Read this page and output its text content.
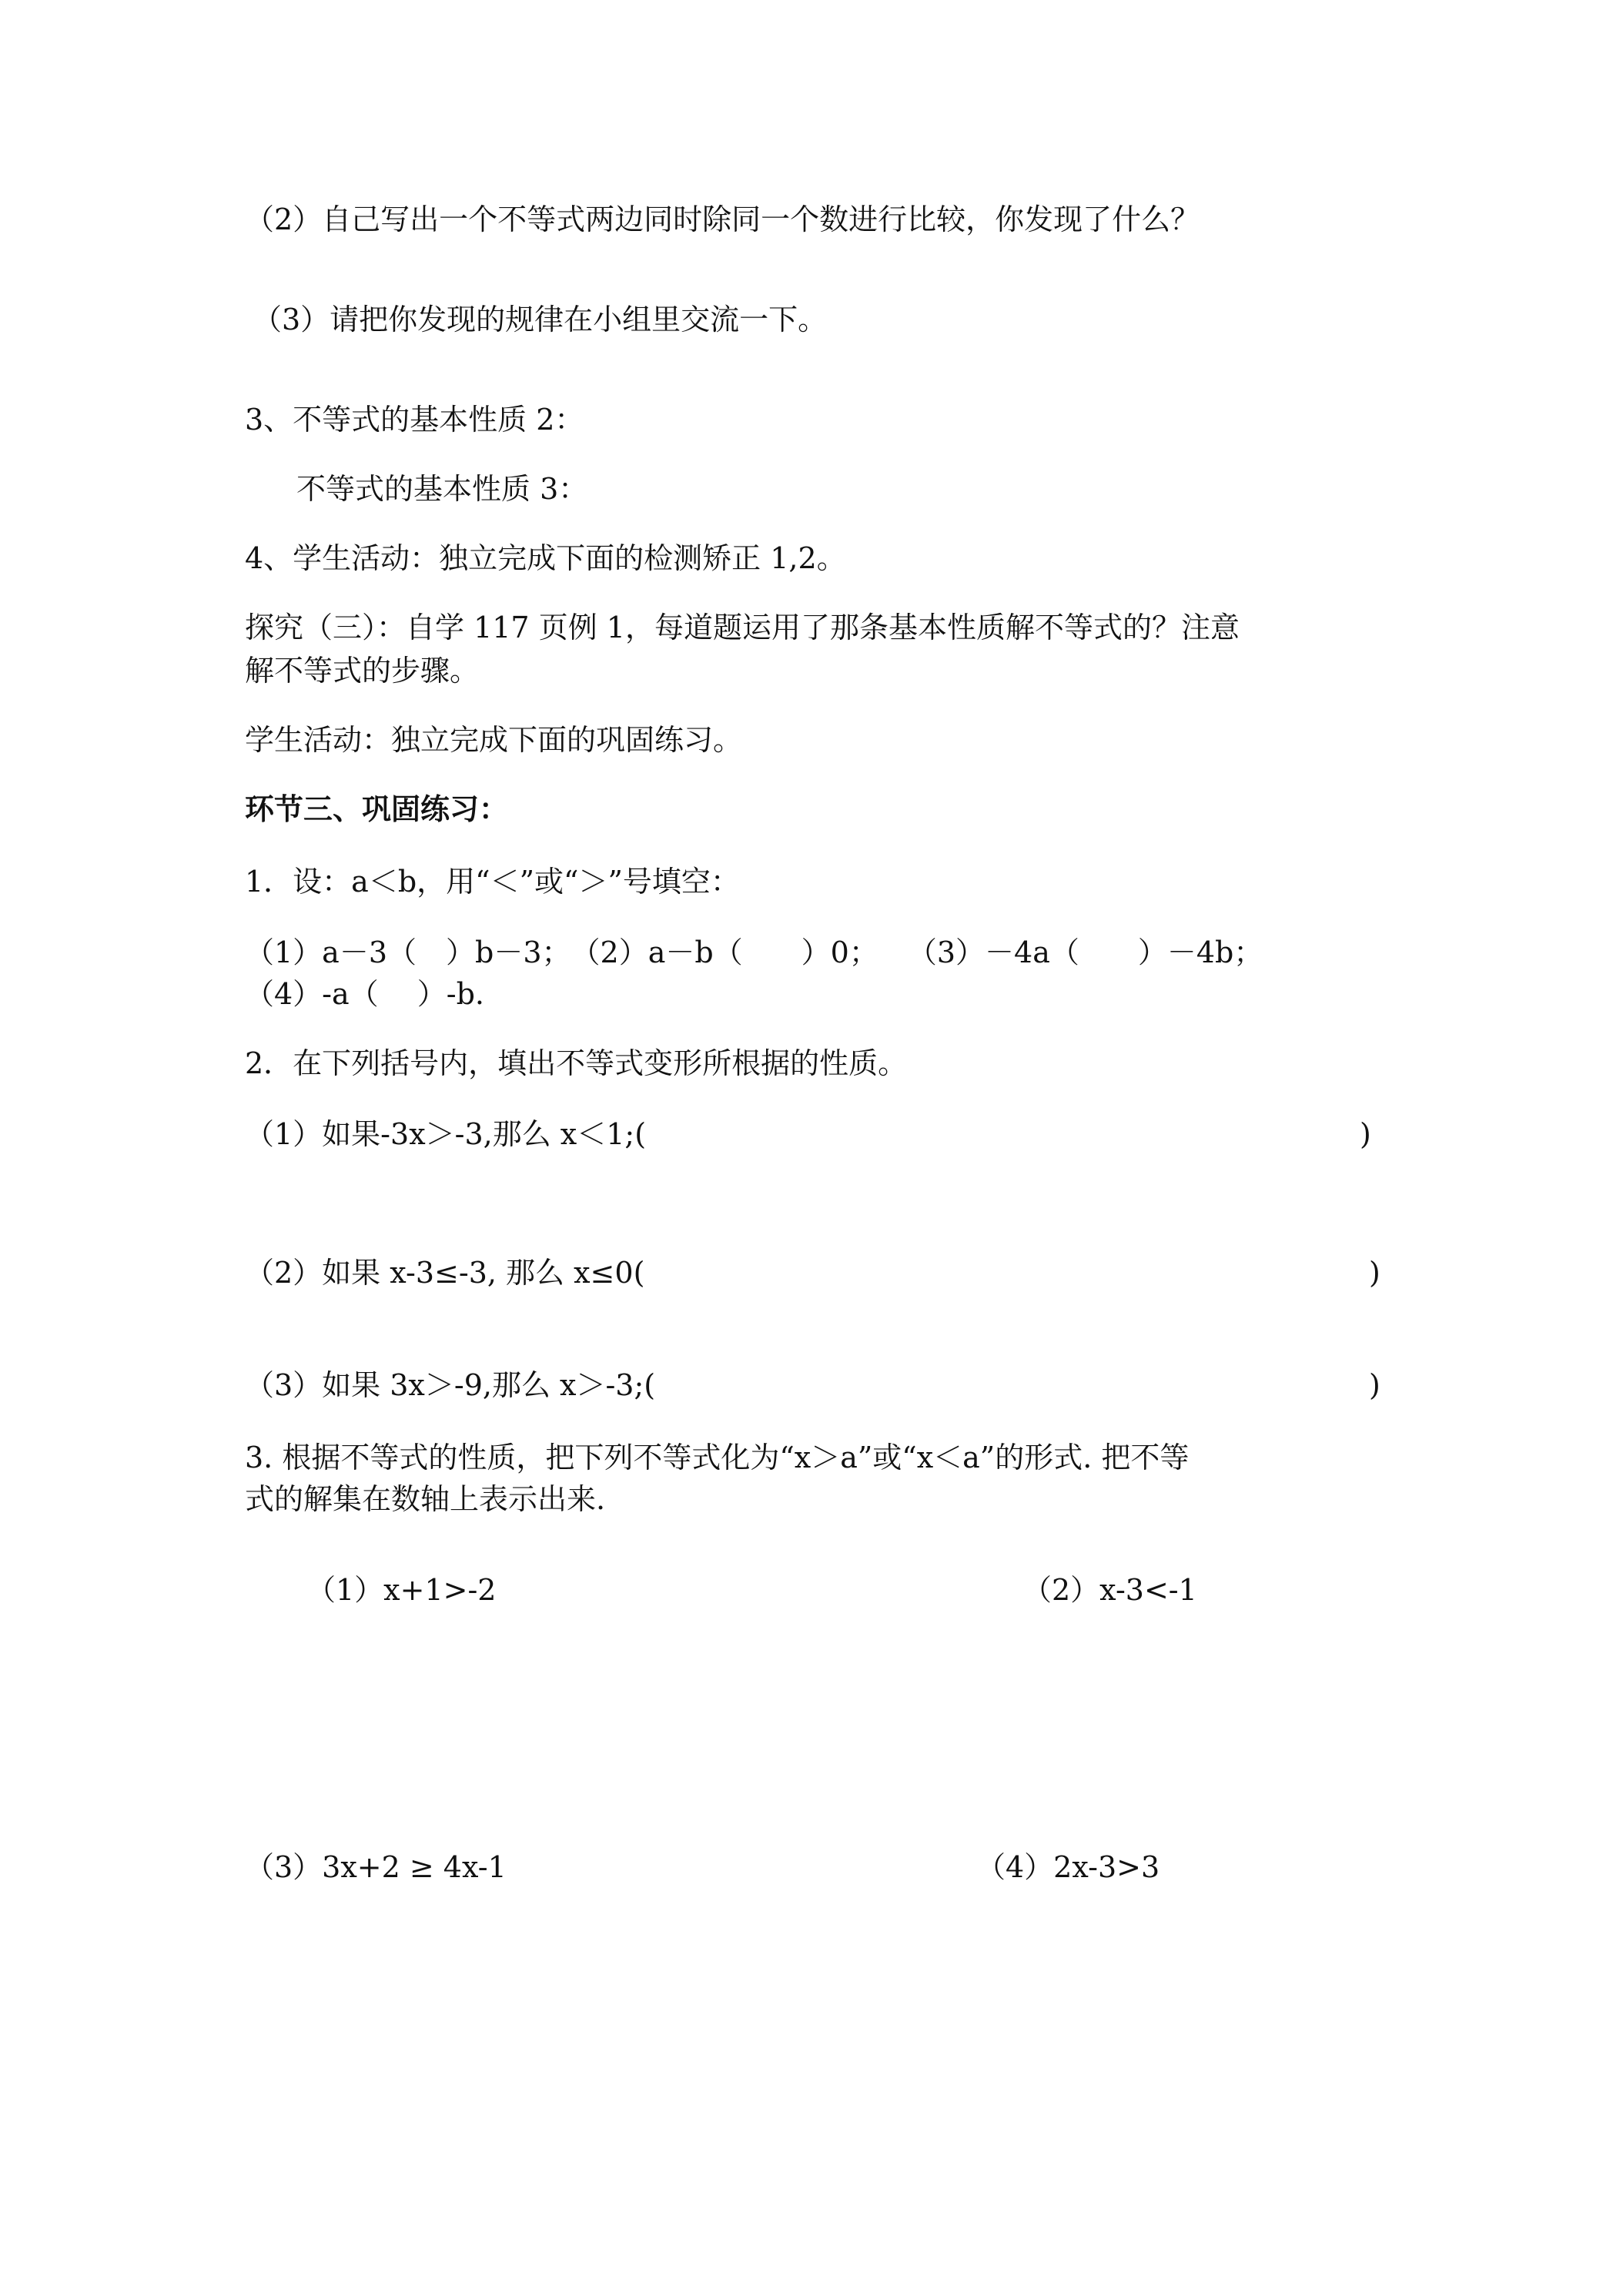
（2）自己写出一个不等式两边同时除同一个数进行比较，你发现了什么？

（3）请把你发现的规律在小组里交流一下。

3、不等式的基本性质 2：

不等式的基本性质 3：

4、学生活动：独立完成下面的检测矫正 1,2。

探究（三）：自学 117 页例 1，每道题运用了那条基本性质解不等式的？注意

解不等式的步骤。

学生活动：独立完成下面的巩固练习。

环节三、巩固练习：

1．设：a＜b，用“＜”或“＞”号填空：

（1）a－3（　）b－3；　（2）a－b（　　）0；　　（3）－4a（　　）－4b；

（4）-a（　 ）-b.

2．在下列括号内，填出不等式变形所根据的性质。

（1）如果-3x＞-3,那么 x＜1;(	)

（2）如果 x-3≤-3, 那么 x≤0(	)

（3）如果 3x＞-9,那么 x＞-3;(	)

3. 根据不等式的性质，把下列不等式化为“x＞a”或“x＜a”的形式. 把不等

式的解集在数轴上表示出来.

（1）x+1>-2	（2）x-3<-1

（3）3x+2 ≥ 4x-1	（4）2x-3>3
